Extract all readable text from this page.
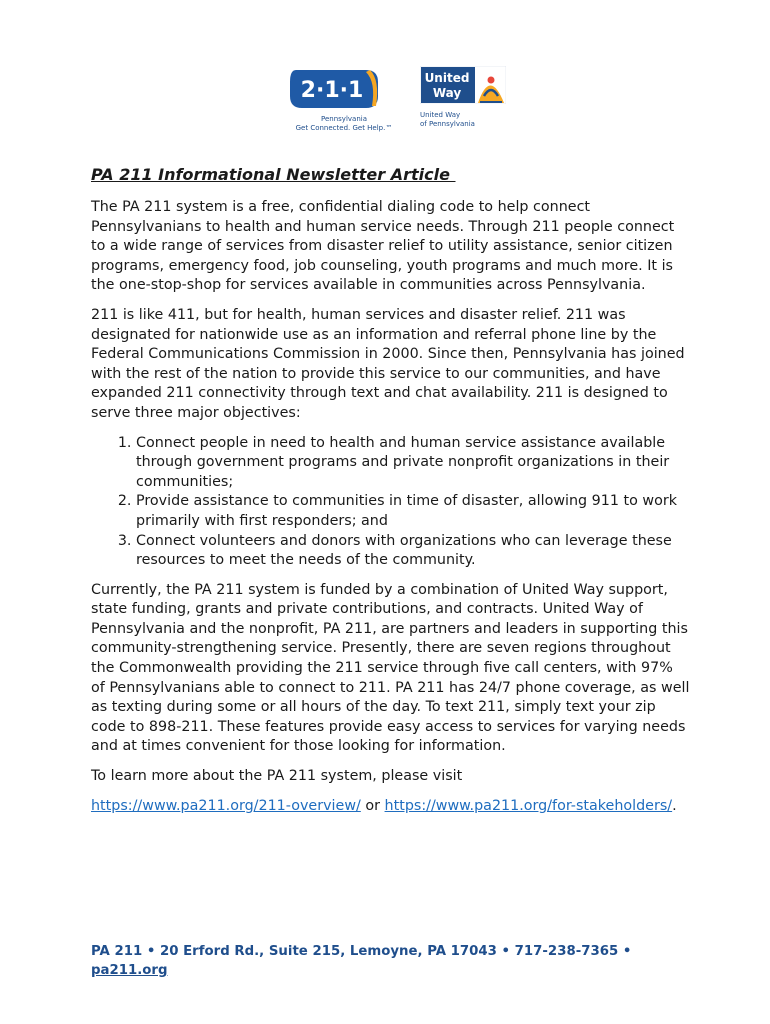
2·1·1
Pennsylvania
Get Connected. Get Help.™
United
Way
United Way
of Pennsylvania
PA 211 Informational Newsletter Article

The PA 211 system is a free, confidential dialing code to help connect Pennsylvanians to health and human service needs. Through 211 people connect to a wide range of services from disaster relief to utility assistance, senior citizen programs, emergency food, job counseling, youth programs and much more. It is the one-stop-shop for services available in communities across Pennsylvania.

211 is like 411, but for health, human services and disaster relief. 211 was designated for nationwide use as an information and referral phone line by the Federal Communications Commission in 2000. Since then, Pennsylvania has joined with the rest of the nation to provide this service to our communities, and have expanded 211 connectivity through text and chat availability. 211 is designed to serve three major objectives:

1. Connect people in need to health and human service assistance available through government programs and private nonprofit organizations in their communities;
2. Provide assistance to communities in time of disaster, allowing 911 to work primarily with first responders; and
3. Connect volunteers and donors with organizations who can leverage these resources to meet the needs of the community.

Currently, the PA 211 system is funded by a combination of United Way support, state funding, grants and private contributions, and contracts. United Way of Pennsylvania and the nonprofit, PA 211, are partners and leaders in supporting this community-strengthening service. Presently, there are seven regions throughout the Commonwealth providing the 211 service through five call centers, with 97% of Pennsylvanians able to connect to 211. PA 211 has 24/7 phone coverage, as well as texting during some or all hours of the day. To text 211, simply text your zip code to 898-211. These features provide easy access to services for varying needs and at times convenient for those looking for information.

To learn more about the PA 211 system, please visit

https://www.pa211.org/211-overview/ or https://www.pa211.org/for-stakeholders/.

PA 211 • 20 Erford Rd., Suite 215, Lemoyne, PA 17043 • 717-238-7365 • pa211.org
